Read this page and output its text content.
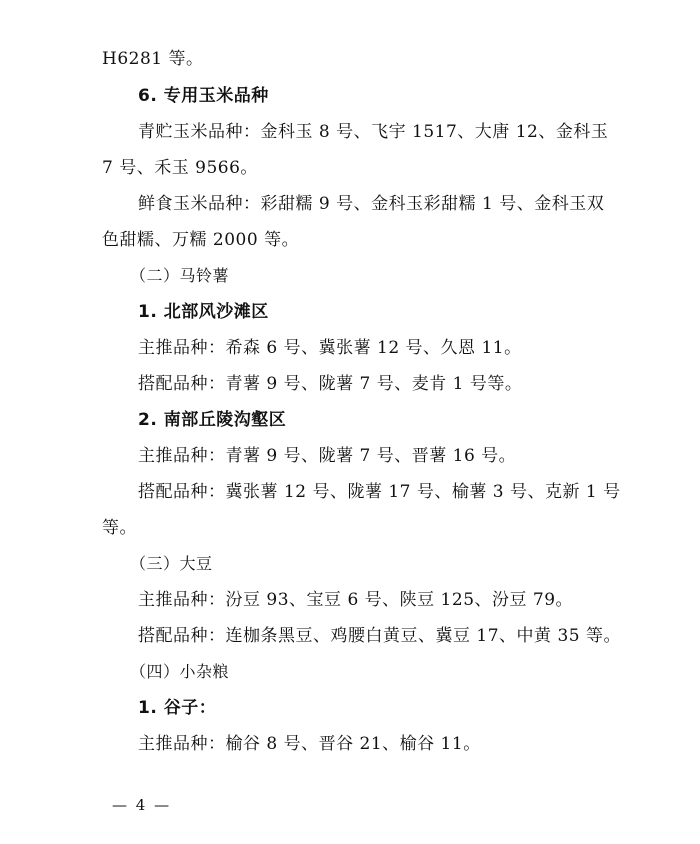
H6281 等。
6. 专用玉米品种
青贮玉米品种：金科玉 8 号、飞宇 1517、大唐 12、金科玉
7 号、禾玉 9566。
鲜食玉米品种：彩甜糯 9 号、金科玉彩甜糯 1 号、金科玉双
色甜糯、万糯 2000 等。
（二）马铃薯
1. 北部风沙滩区
主推品种：希森 6 号、冀张薯 12 号、久恩 11。
搭配品种：青薯 9 号、陇薯 7 号、麦肯 1 号等。
2. 南部丘陵沟壑区
主推品种：青薯 9 号、陇薯 7 号、晋薯 16 号。
搭配品种：冀张薯 12 号、陇薯 17 号、榆薯 3 号、克新 1 号
等。
（三）大豆
主推品种：汾豆 93、宝豆 6 号、陕豆 125、汾豆 79。
搭配品种：连枷条黑豆、鸡腰白黄豆、冀豆 17、中黄 35 等。
（四）小杂粮
1. 谷子：
主推品种：榆谷 8 号、晋谷 21、榆谷 11。
— 4 —
